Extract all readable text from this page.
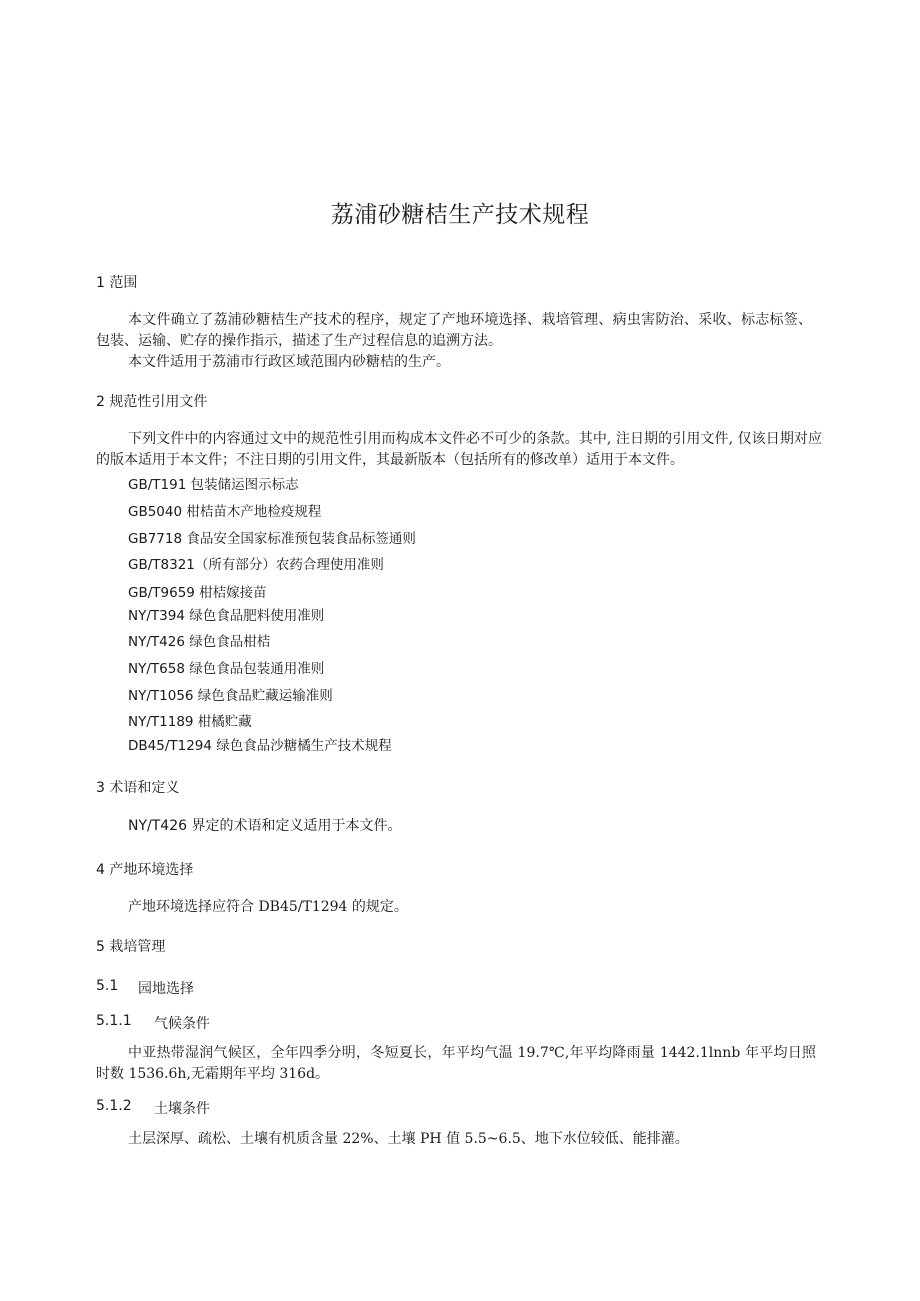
荔浦砂糖桔生产技术规程
1 范围

本文件确立了荔浦砂糖桔生产技术的程序，规定了产地环境选择、栽培管理、病虫害防治、采收、标志标签、包装、运输、贮存的操作指示，描述了生产过程信息的追溯方法。

本文件适用于荔浦市行政区域范围内砂糖桔的生产。

2 规范性引用文件

下列文件中的内容通过文中的规范性引用而构成本文件必不可少的条款。其中, 注日期的引用文件, 仅该日期对应的版本适用于本文件；不注日期的引用文件，其最新版本（包括所有的修改单）适用于本文件。

GB/T191 包装储运图示标志

GB5040 柑桔苗木产地检疫规程

GB7718 食品安全国家标准预包装食品标签通则

GB/T8321（所有部分）农药合理使用准则

GB/T9659 柑桔嫁接苗

NY/T394 绿色食品肥料使用准则

NY/T426 绿色食品柑桔

NY/T658 绿色食品包装通用准则

NY/T1056 绿色食品贮藏运输准则

NY/T1189 柑橘贮藏

DB45/T1294 绿色食品沙糖橘生产技术规程

3 术语和定义

NY/T426 界定的术语和定义适用于本文件。

4 产地环境选择

产地环境选择应符合 DB45/T1294 的规定。

5 栽培管理
5.1 园地选择
5.1.1 气候条件

中亚热带湿润气候区，全年四季分明，冬短夏长，年平均气温 19.7℃,年平均降雨量 1442.1lnnb 年平均日照时数 1536.6h,无霜期年平均 316d。

5.1.2 土壤条件

土层深厚、疏松、土壤有机质含量 22%、土壤 PH 值 5.5~6.5、地下水位较低、能排灌。
